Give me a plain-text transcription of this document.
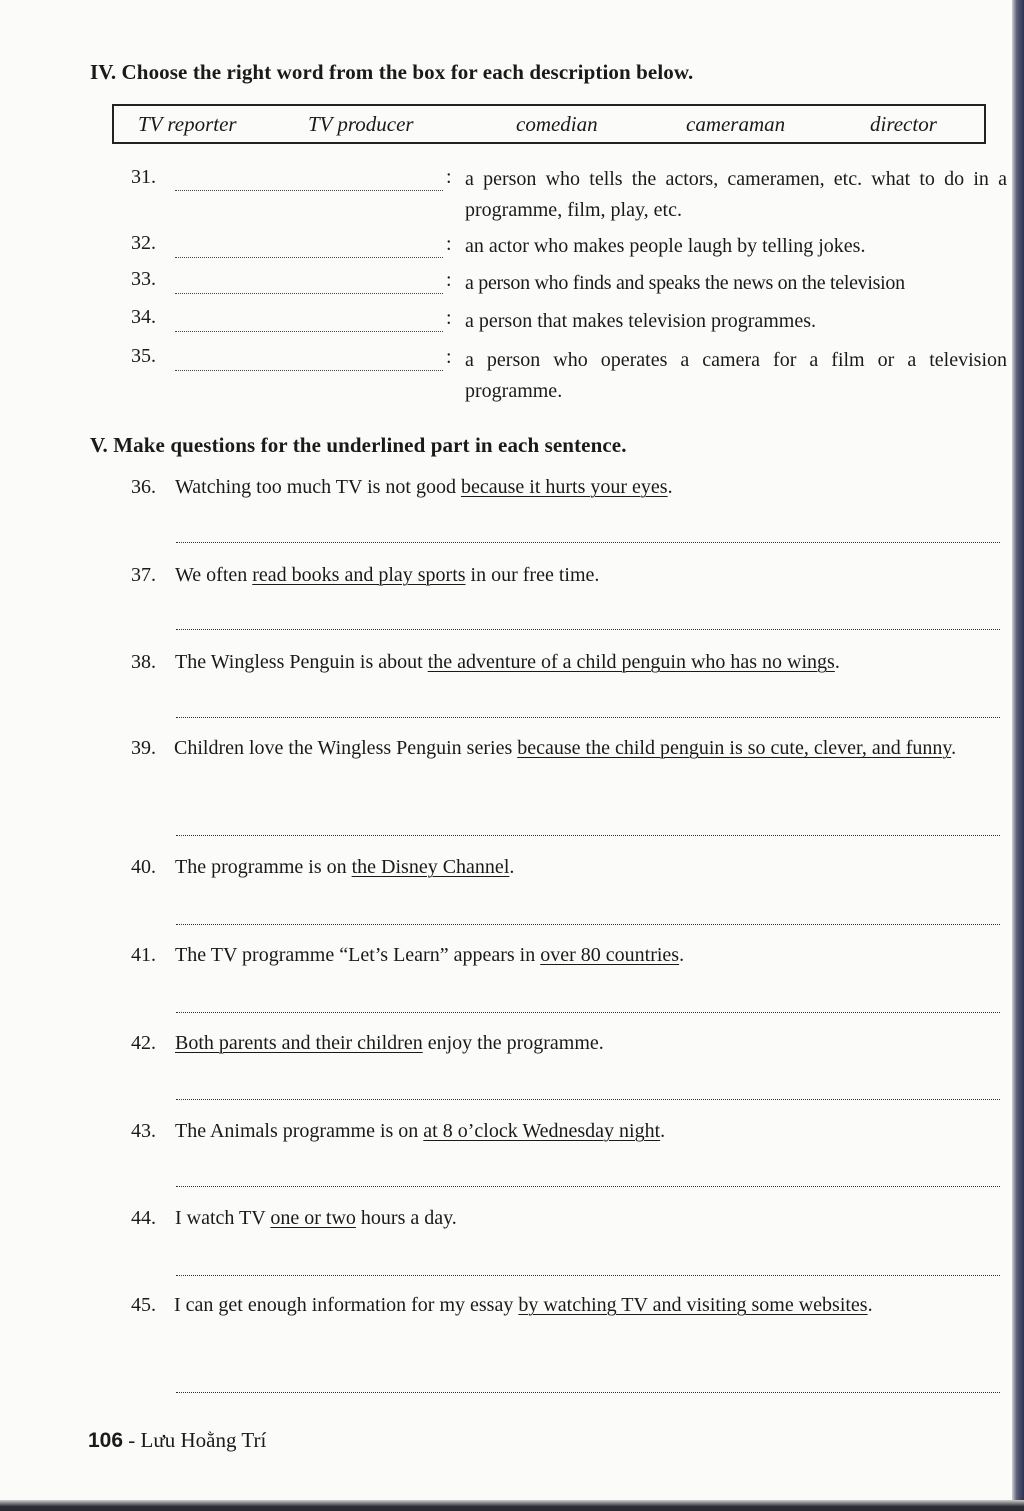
IV. Choose the right word from the box for each description below.
TV reporter	TV producer	comedian	cameraman	director
31.	: a person who tells the actors, cameramen, etc. what to do in a programme, film, play, etc.
32.	: an actor who makes people laugh by telling jokes.
33.	: a person who finds and speaks the news on the television
34.	: a person that makes television programmes.
35.	: a person who operates a camera for a film or a television programme.
V. Make questions for the underlined part in each sentence.
36. Watching too much TV is not good because it hurts your eyes.
37. We often read books and play sports in our free time.
38. The Wingless Penguin is about the adventure of a child penguin who has no wings.
39. Children love the Wingless Penguin series because the child penguin is so cute, clever, and funny.
40. The programme is on the Disney Channel.
41. The TV programme “Let’s Learn” appears in over 80 countries.
42. Both parents and their children enjoy the programme.
43. The Animals programme is on at 8 o’clock Wednesday night.
44. I watch TV one or two hours a day.
45. I can get enough information for my essay by watching TV and visiting some websites.
106 - Lưu Hoằng Trí
